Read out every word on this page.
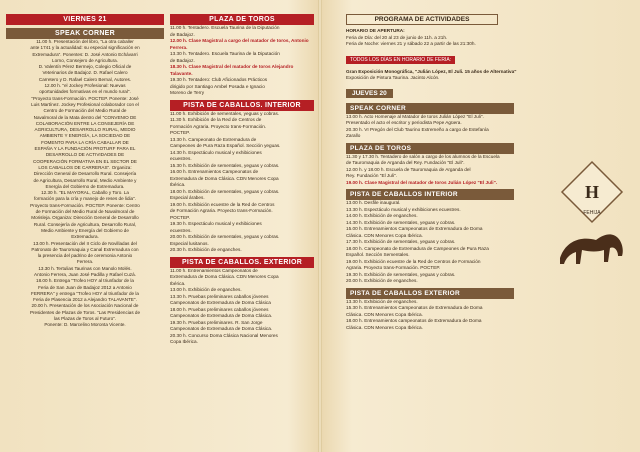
VIERNES 21
SPEAK CORNER

11.00 h. Presentación del libro, "La otra caballer

ante 1741 y la actualidad: su especial significación en

Extremadura". Ponentes: D. José Antonio Echávarri

Lorno, Consejero de Agricultura.

D. Valentín Pérez Bermejo, Colegio Oficial de

Veterinarios de Badajoz. D. Rafael Calero

Carretero y D. Rafael Calero Bernal, Autores.

12.00 h. "el Jockey Profesional: Nuevas

oportunidades formativas en el mundo rural".

"Proyecto trans-Formación. POCTEP. Ponente: José

Luis Martínez. Jockey Profesional colaborador con el

Centro de Formación del Medio Rural de

Navalmoral de la Mata dentro del "CONVENIO DE

COLABORACIÓN ENTRE LA CONSEJERÍA DE

AGRICULTURA, DESARROLLO RURAL, MEDIO

AMBIENTE Y ENERGÍA, LA SOCIEDAD DE

FOMENTO PARA LA CRÍA CABALLAR DE

ESPAÑA Y LA FUNDACIÓN PROTURF PARA EL

DESARROLLO DE ACTIVIDADES DE

COOPERACIÓN FORMATIVA EN EL SECTOR DE

LOS CABALLOS DE CARRERAS". Organiza:

Dirección General de Desarrollo Rural. Consejería

de Agricultura, Desarrollo Rural, Medio Ambiente y

Energía del Gobierno de Extremadura.

12.30 h. "EL MAYORAL, Caballo y Toro. La

formación para la cría y manejo de reses de lidia".

Proyecto trans-Formación. POCTEP. Ponente: Centro

de Formación del Medio Rural de Navalmoral de

Morisleja. Organiza: Dirección General de Desarrollo

Rural. Consejería de Agricultura, Desarrollo Rural,

Medio Ambiente y Energía del Gobierno de

Extremadura.

13.00 h. Presentación del II Ciclo de Novilladas del

Patronato de Tauromaquia y Canal Extremadura con

la presencia del padrino de ceremonia Antonio

Ferrera.

13.30 h. Tertulias Taurinas con Manolo Molés.

Antonio Ferrera, Juan José Padilla y Rafael Cuzá.

18.00 h. Entrega "Trofeo HOY al triunfador de la

Feria de San Juan de Badajoz 2012 a Antonio

FERRERA" y entrega "Trofeo HOY al triunfador de la

Feria de Plasencia 2012 a Alejandro TALAVANTE".

20.00 h. Presentación de los Asociación Nacional de

Presidentes de Plazas de Toros. "Las Presidencias de

las Plazas de Toros al Futuro".

Ponente: D. Marcelino Moronta Vicente.

PLAZA DE TOROS

11.00 h. Tentadero. Escuela Taurina de la Diputación

de Badajoz.

12.00 h. Clase Magistral a cargo del matador de toros, Antonio Ferrera.

13.30 h. Tentadero. Escuela Taurina de la Diputación

de Badajoz.

18.30 h. Clase Magistral del matador de toros Alejandro Talavante.

19.30 h. Tentadero: Club Aficionados Prácticos

dirigido por Santiago Ambel Posada e Ignacio

Moreno de Terry

PISTA DE CABALLOS. INTERIOR

11.00 h. Exhibición de sementales, yeguas y cobras.

11.30 h. Exhibición de la Red de Centros de

Formación Agraria. Proyecto trans-Formación.

POCTEP.

13.30 h. Campeonato de Extremadura de

Campeones de Pura Raza Español. Sección yeguas.

14.30 h. Espectáculo musical y exhibiciones

ecuestres.

15.30 h. Exhibición de sementales, yeguas y cobras.

16.00 h. Entrenamientos Campeonatos de

Extremadura de Doma Clásica. CDN Menores Copa

Ibérica.

18.00 h. Exhibición de sementales, yeguas y cobras.

Especial árabes.

19.00 h. Exhibición ecuestre de la Red de Centros

de Formación Agraria. Proyecto trans-Formación.

POCTEP.

19.30 h. Espectáculo musical y exhibiciones

ecuestres.

20.00 h. Exhibición de sementales, yeguas y cobras.

Especial lusitanos.

20.30 h. Exhibición de enganches.

PISTA DE CABALLOS. EXTERIOR

11.00 h. Entrenamientos Campeonatos de

Extremadura de Doma Clásica. CDN Menores Copa

Ibérica.

13.00 h. Exhibición de enganches.

13.30 h. Pruebas preliminares caballos jóvenes

Campeonatos de Extremadura de Doma Clásica

18.00 h. Pruebas preliminares caballos jóvenes

Campeonatos de Extremadura de Doma Clásica.

19.30 h. Pruebas preliminares. R. San Jorge

Campeonatos de Extremadura de Doma Clásica.

20.30 h. Concurso Doma Clásica Nacional Menores

Copa Ibérica.

PROGRAMA DE ACTIVIDADES

HORARIO DE APERTURA:

Feria de Día: del 20 al 23 de junio de 11h. a 21h.

Feria de Noche: viernes 21 y sábado 22 a partir de las 21:30h.

TODOS LOS DÍAS EN HORARIO DE FERIA:

Gran Exposición Monográfica, "Julián López, El Juli. 15 años de Alternativa"

Exposición de Pintura Taurina. Jacinto Alcón.

JUEVES 20
SPEAK CORNER

13.00 h. Acto Homenaje al Matador de toros Julián López "El Juli".

Presentado el acto el escritor y periodista Pepe Agüera.

20.30 h. VI Pregón del Club Taurino Extremeño a cargo de Estefanía

Zarallo

PLAZA DE TOROS

11.30 y 17.30 h. Tentadero de salón a cargo de los alumnos de la Escuela

de Tauromaquia de Arganda del Rey. Fundación "El Juli".

12.00 h. y 18.00 h. Escuela de Tauromaquia de Arganda del

Rey. Fundación "El Juli".

19.00 h. Clase Magistral del matador de toros Julián López "El Juli".

PISTA DE CABALLOS INTERIOR

13.00 h. Desfile inaugural.

13.30 h. Espectáculo musical y exhibiciones ecuestres.

14.00 h. Exhibición de enganches.

14.30 h. Exhibición de sementales, yeguas y cobras.

15.00 h. Entrenamientos Campeonatos de Extremadura de Doma

Clásica. CDN Menores Copa Ibérica.

17.30 h. Exhibición de sementales, yeguas y cobras.

18.00 h. Campeonato de Extremadura de Campeones de Pura Raza

Español. Sección Sementales.

19.00 h. Exhibición ecuestre de la Red de Centros de Formación

Agraria. Proyecto trans-Formación. POCTEP.

19.30 h. Exhibición de sementales, yeguas y cobras.

20.00 h. Exhibición de enganches.

PISTA DE CABALLOS EXTERIOR

13.30 h. Exhibición de enganches.

15.30 h. Entrenamientos Campeonatos de Extremadura de Doma

Clásica. CDN Menores Copa Ibérica.

18.00 h. Entrenamientos campeonatos de Extremadura de Doma

Clásica. CDN Menores Copa Ibérica.

H
FEHIJA
